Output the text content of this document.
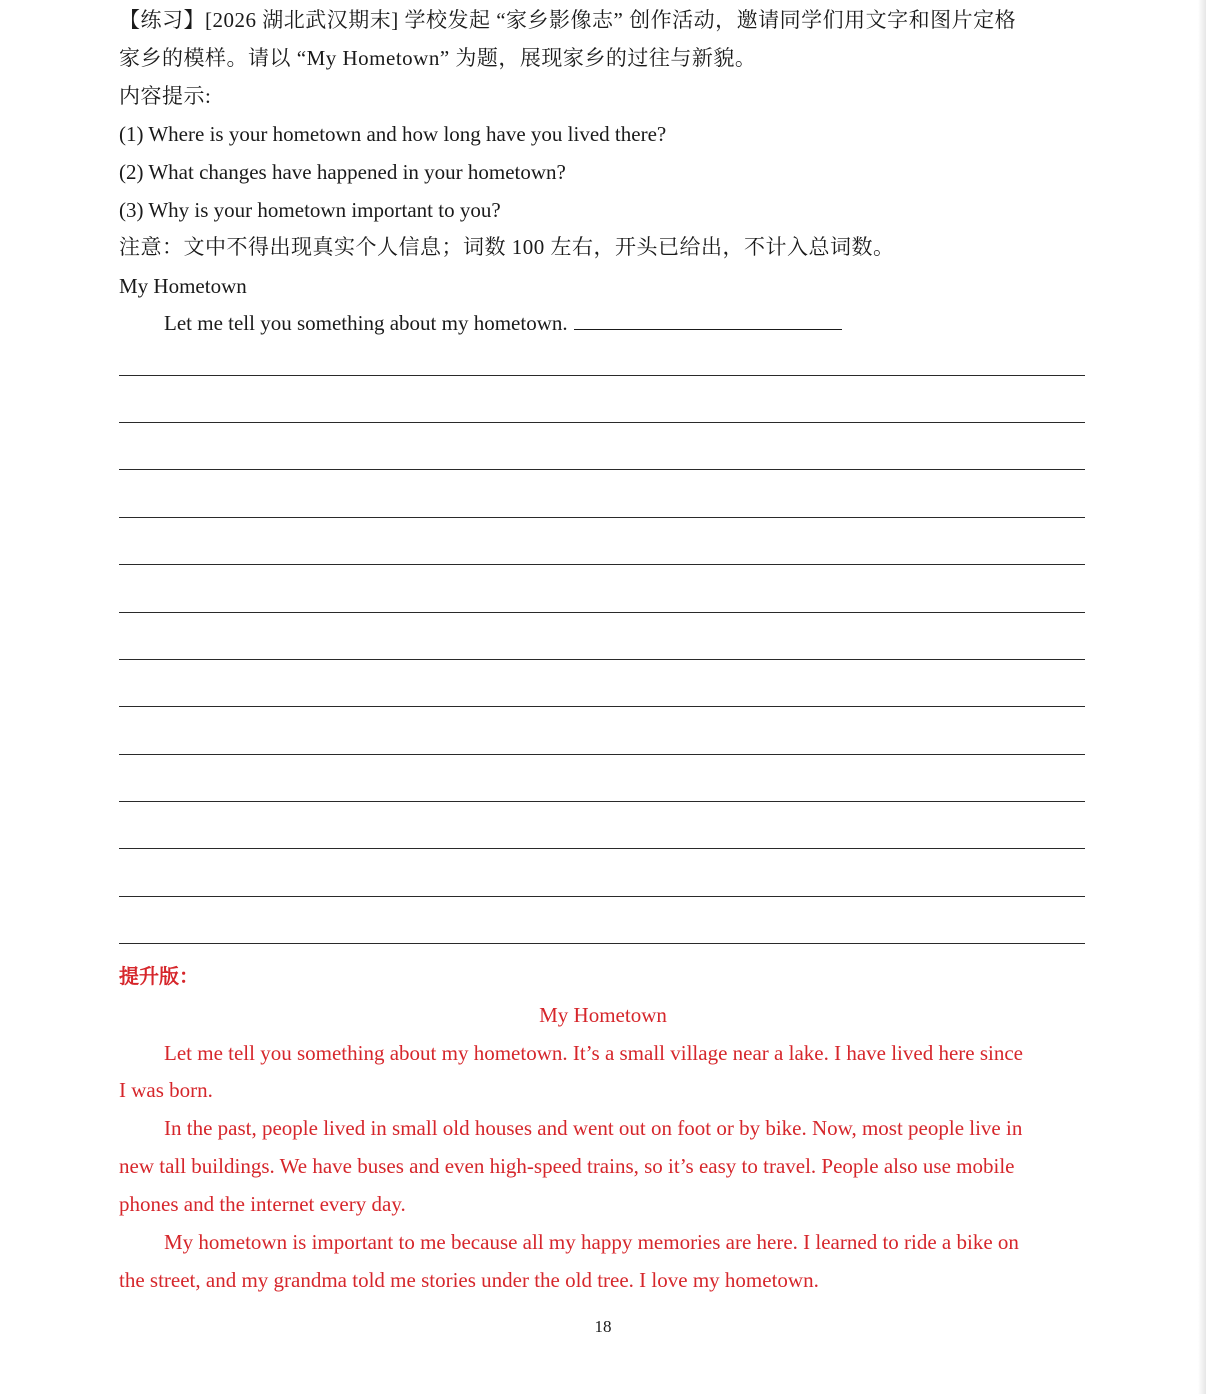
【练习】[2026 湖北武汉期末] 学校发起 “家乡影像志” 创作活动，邀请同学们用文字和图片定格
家乡的模样。请以 “My Hometown” 为题，展现家乡的过往与新貌。
内容提示:
(1) Where is your hometown and how long have you lived there?
(2) What changes have happened in your hometown?
(3) Why is your hometown important to you?
注意：文中不得出现真实个人信息；词数 100 左右，开头已给出，不计入总词数。
My Hometown
Let me tell you something about my hometown.
提升版：
My Hometown
Let me tell you something about my hometown. It’s a small village near a lake. I have lived here since
I was born.
In the past, people lived in small old houses and went out on foot or by bike. Now, most people live in
new tall buildings. We have buses and even high-speed trains, so it’s easy to travel. People also use mobile
phones and the internet every day.
My hometown is important to me because all my happy memories are here. I learned to ride a bike on
the street, and my grandma told me stories under the old tree. I love my hometown.
18
